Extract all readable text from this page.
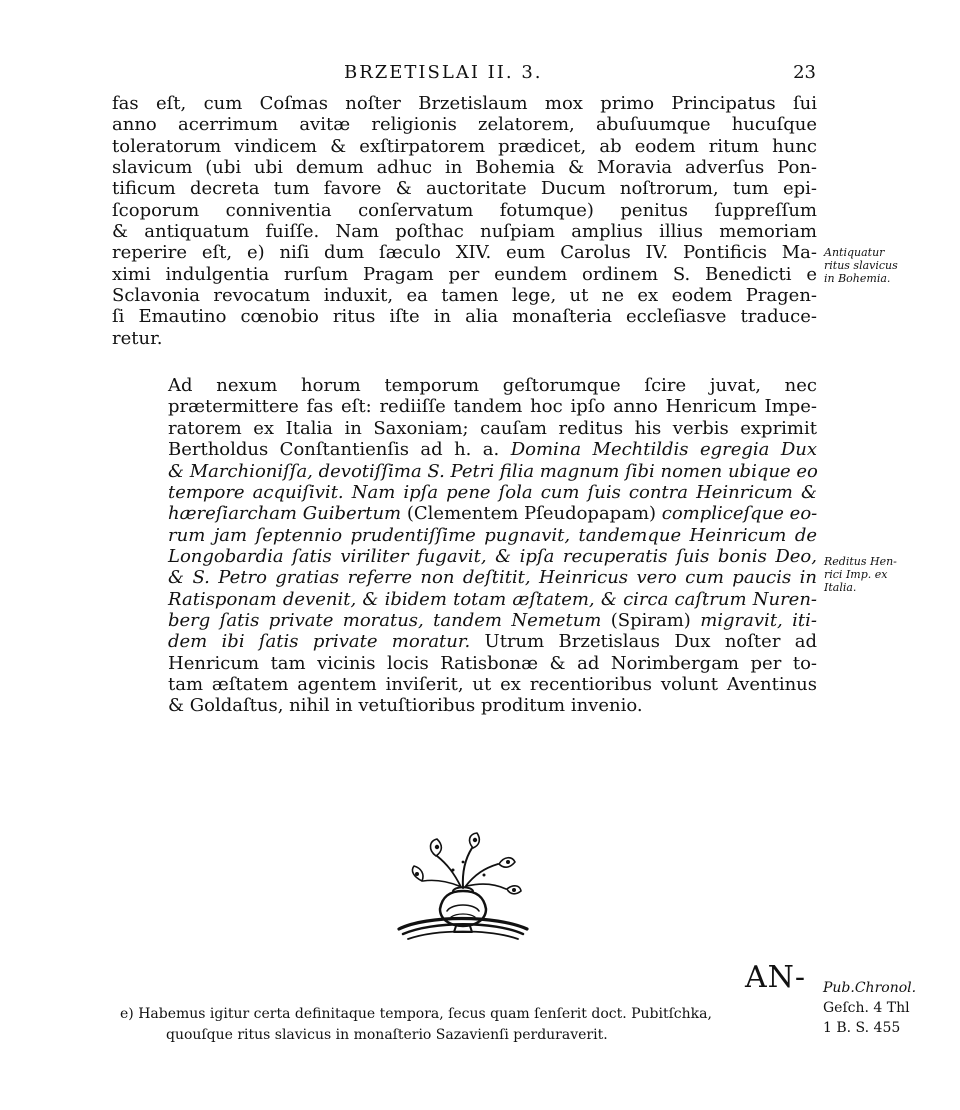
BRZETISLAI II. 3.	23

fas eſt, cum Coſmas noſter Brzetislaum mox primo Principatus ſui
anno acerrimum avitæ religionis zelatorem, abuſuumque hucuſque
toleratorum vindicem & exſtirpatorem prædicet, ab eodem ritum hunc
slavicum (ubi ubi demum adhuc in Bohemia & Moravia adverſus Pon-
tificum decreta tum favore & auctoritate Ducum noſtrorum, tum epi-
ſcoporum conniventia conſervatum fotumque) penitus ſuppreſſum
& antiquatum fuiſſe. Nam poſthac nuſpiam amplius illius memoriam
reperire eſt, e) niſi dum ſæculo XIV. eum Carolus IV. Pontificis Ma-
ximi indulgentia rurſum Pragam per eundem ordinem S. Benedicti e
Sclavonia revocatum induxit, ea tamen lege, ut ne ex eodem Pragen-
ſi Emautino cœnobio ritus iſte in alia monaſteria eccleſiasve traduce-
retur.

Ad nexum horum temporum geſtorumque ſcire juvat, nec
prætermittere fas eſt: rediiſſe tandem hoc ipſo anno Henricum Impe-
ratorem ex Italia in Saxoniam; cauſam reditus his verbis exprimit
Bertholdus Conſtantienſis ad h. a. Domina Mechtildis egregia Dux
& Marchioniſſa, devotiſſima S. Petri filia magnum ſibi nomen ubique eo
tempore acquiſivit. Nam ipſa pene ſola cum ſuis contra Heinricum &
hæreſiarcham Guibertum (Clementem Pſeudopapam) compliceſque eo-
rum jam ſeptennio prudentiſſime pugnavit, tandemque Heinricum de
Longobardia ſatis viriliter fugavit, & ipſa recuperatis ſuis bonis Deo,
& S. Petro gratias referre non deſtitit, Heinricus vero cum paucis in
Ratisponam devenit, & ibidem totam æſtatem, & circa caſtrum Nuren-
berg ſatis private moratus, tandem Nemetum (Spiram) migravit, iti-
dem ibi ſatis private moratur. Utrum Brzetislaus Dux noſter ad
Henricum tam vicinis locis Ratisbonæ & ad Norimbergam per to-
tam æſtatem agentem inviſerit, ut ex recentioribus volunt Aventinus
& Goldaſtus, nihil in vetuſtioribus proditum invenio.

Antiquatur
ritus slavicus
in Bohemia.
Reditus Hen-
rici Imp. ex
Italia.
AN- Pub.Chronol.
Geſch. 4 Thl
1 B. S. 455
e) Habemus igitur certa definitaque tempora, ſecus quam ſenſerit doct. Pubitſchka,
quouſque ritus slavicus in monaſterio Sazavienſi perduraverit.
